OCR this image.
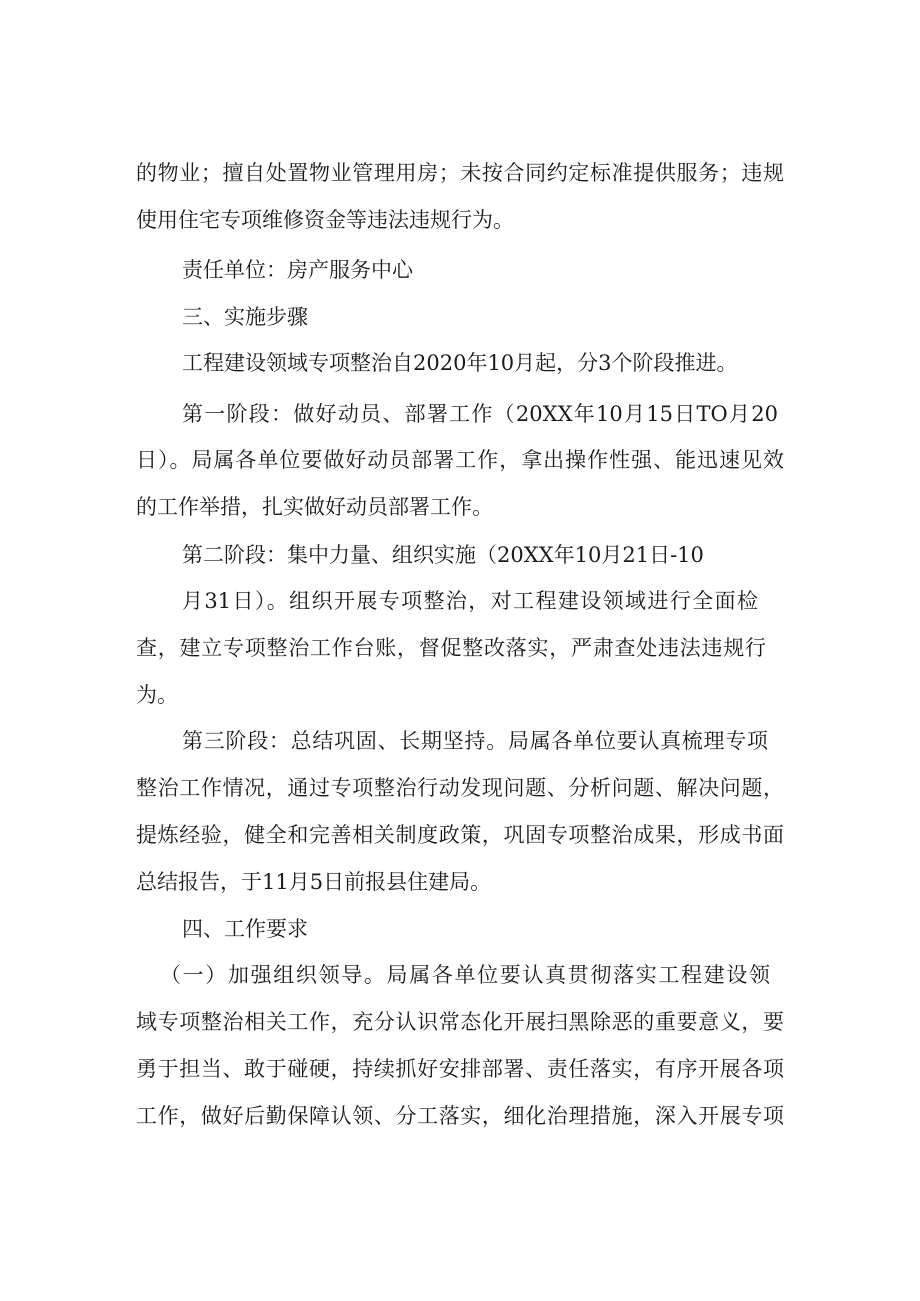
的物业；擅自处置物业管理用房；未按合同约定标准提供服务；违规
使用住宅专项维修资金等违法违规行为。
责任单位：房产服务中心
三、实施步骤
工程建设领域专项整治自2020年10月起，分3个阶段推进。
第一阶段：做好动员、部署工作（20XX年10月15日TO月20
日）。局属各单位要做好动员部署工作，拿出操作性强、能迅速见效
的工作举措，扎实做好动员部署工作。
第二阶段：集中力量、组织实施（20XX年10月21日-10
月31日）。组织开展专项整治，对工程建设领域进行全面检
查，建立专项整治工作台账，督促整改落实，严肃查处违法违规行
为。
第三阶段：总结巩固、长期坚持。局属各单位要认真梳理专项
整治工作情况，通过专项整治行动发现问题、分析问题、解决问题，
提炼经验，健全和完善相关制度政策，巩固专项整治成果，形成书面
总结报告，于11月5日前报县住建局。
四、工作要求
（一）加强组织领导。局属各单位要认真贯彻落实工程建设领
域专项整治相关工作，充分认识常态化开展扫黑除恶的重要意义，要
勇于担当、敢于碰硬，持续抓好安排部署、责任落实，有序开展各项
工作，做好后勤保障认领、分工落实，细化治理措施，深入开展专项
